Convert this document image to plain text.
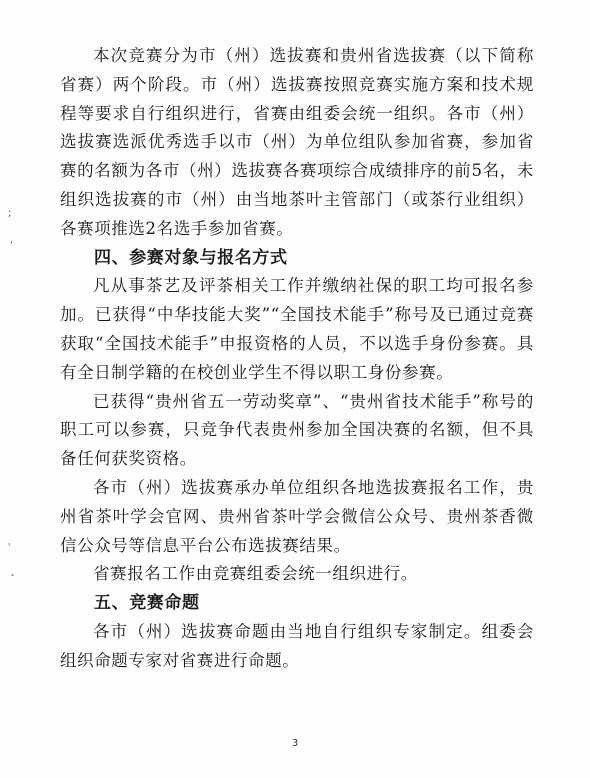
;
‘
˒
ˇ

本次竞赛分为市（州）选拔赛和贵州省选拔赛（以下简称省赛）两个阶段。市（州）选拔赛按照竞赛实施方案和技术规程等要求自行组织进行，省赛由组委会统一组织。各市（州）选拔赛选派优秀选手以市（州）为单位组队参加省赛，参加省赛的名额为各市（州）选拔赛各赛项综合成绩排序的前5名，未组织选拔赛的市（州）由当地茶叶主管部门（或茶行业组织）各赛项推选2名选手参加省赛。

四、参赛对象与报名方式

凡从事茶艺及评茶相关工作并缴纳社保的职工均可报名参加。已获得“中华技能大奖”“全国技术能手”称号及已通过竞赛获取“全国技术能手”申报资格的人员，不以选手身份参赛。具有全日制学籍的在校创业学生不得以职工身份参赛。

已获得“贵州省五一劳动奖章”、“贵州省技术能手”称号的职工可以参赛，只竞争代表贵州参加全国决赛的名额，但不具备任何获奖资格。

各市（州）选拔赛承办单位组织各地选拔赛报名工作，贵州省茶叶学会官网、贵州省茶叶学会微信公众号、贵州茶香微信公众号等信息平台公布选拔赛结果。

省赛报名工作由竞赛组委会统一组织进行。

五、竞赛命题

各市（州）选拔赛命题由当地自行组织专家制定。组委会组织命题专家对省赛进行命题。

3
